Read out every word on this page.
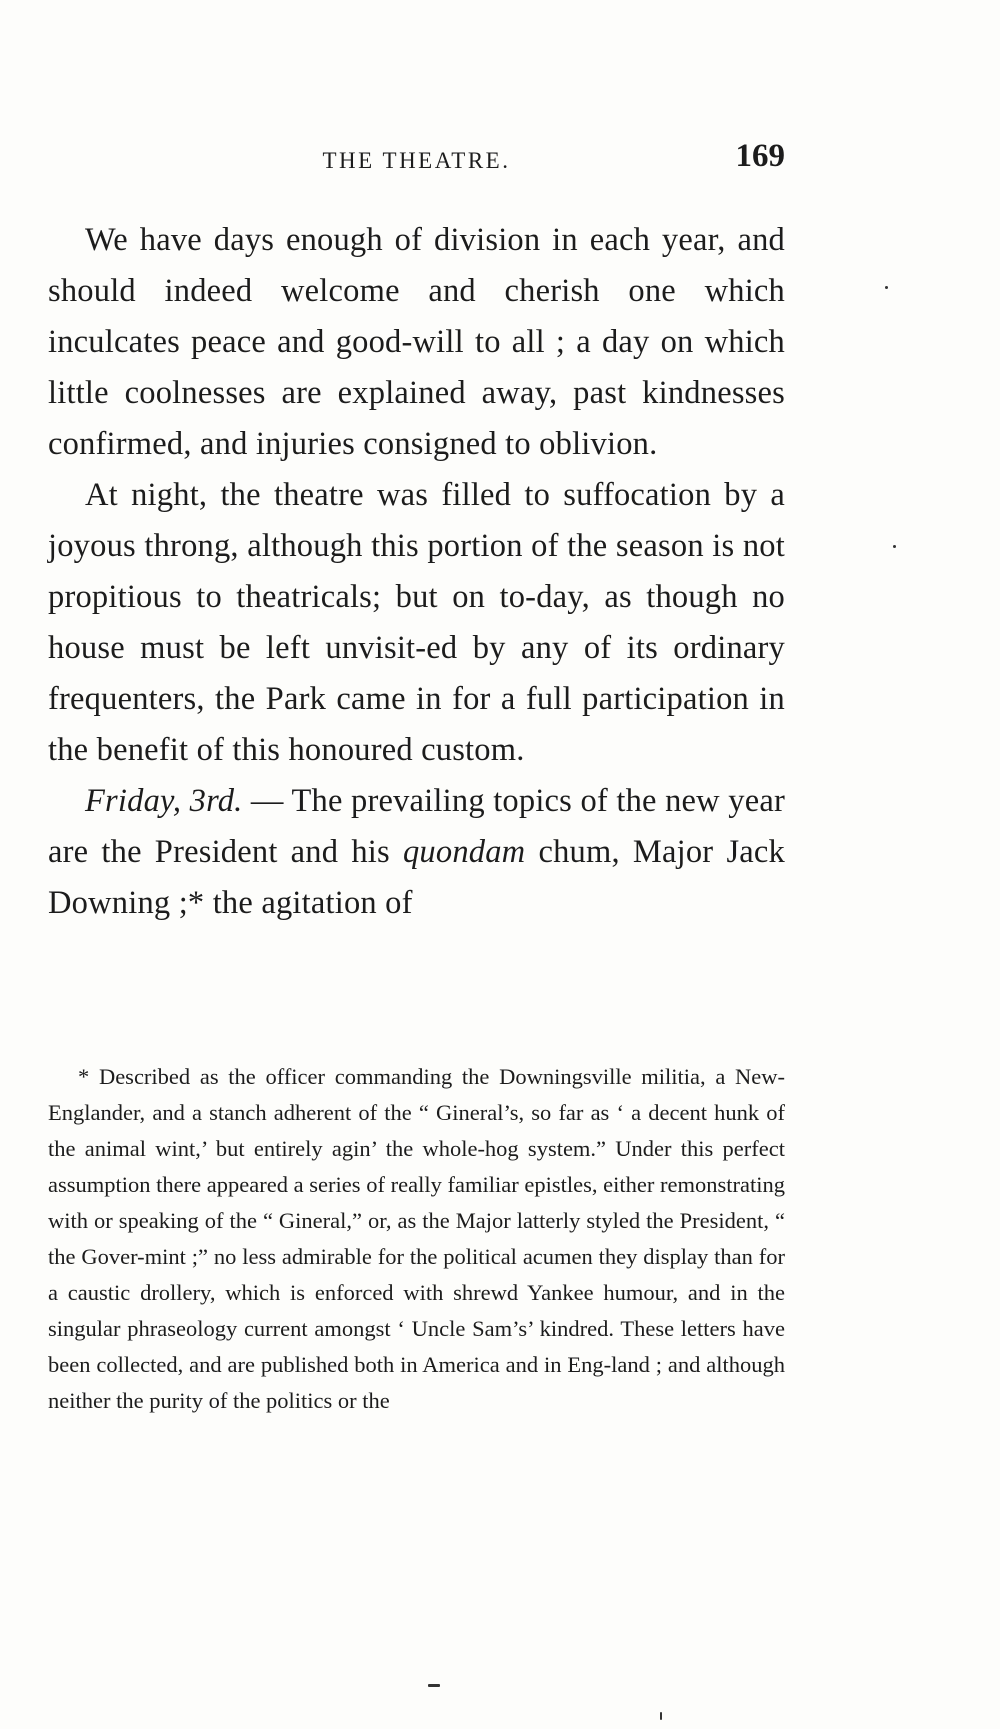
THE THEATRE.	169

We have days enough of division in each year, and should indeed welcome and cherish one which inculcates peace and good-will to all ; a day on which little coolnesses are explained away, past kindnesses confirmed, and injuries consigned to oblivion.

At night, the theatre was filled to suffocation by a joyous throng, although this portion of the season is not propitious to theatricals; but on to-day, as though no house must be left unvisit-ed by any of its ordinary frequenters, the Park came in for a full participation in the benefit of this honoured custom.

Friday, 3rd. — The prevailing topics of the new year are the President and his quondam chum, Major Jack Downing ;* the agitation of

* Described as the officer commanding the Downingsville militia, a New-Englander, and a stanch adherent of the “ Gineral’s, so far as ‘ a decent hunk of the animal wint,’ but entirely agin’ the whole-hog system.” Under this perfect assumption there appeared a series of really familiar epistles, either remonstrating with or speaking of the “ Gineral,” or, as the Major latterly styled the President, “ the Gover-mint ;” no less admirable for the political acumen they display than for a caustic drollery, which is enforced with shrewd Yankee humour, and in the singular phraseology current amongst ‘ Uncle Sam’s’ kindred. These letters have been collected, and are published both in America and in Eng-land ; and although neither the purity of the politics or the
